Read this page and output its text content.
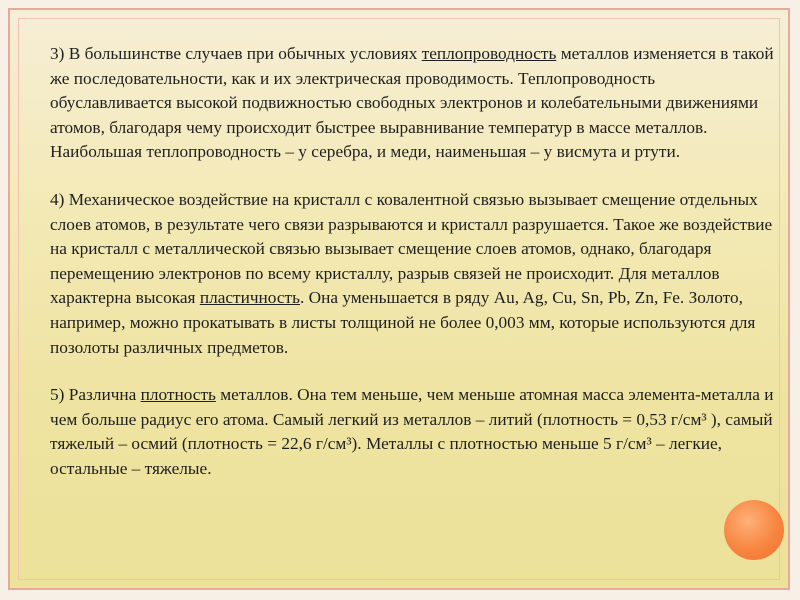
3) В большинстве случаев при обычных условиях теплопроводность металлов изменяется в такой же последовательности, как и их электрическая проводимость. Теплопроводность обуславливается высокой подвижностью свободных электронов и колебательными движениями атомов, благодаря чему происходит быстрее выравнивание температур в массе металлов. Наибольшая теплопроводность – у серебра, и меди, наименьшая – у висмута и ртути.

4) Механическое воздействие на кристалл с ковалентной связью вызывает смещение отдельных слоев атомов, в результате чего связи разрываются и кристалл разрушается. Такое же воздействие на кристалл с металлической связью вызывает смещение слоев атомов, однако, благодаря перемещению электронов по всему кристаллу, разрыв связей не происходит. Для металлов характерна высокая пластичность. Она уменьшается в ряду Au, Ag, Cu, Sn, Pb, Zn, Fe. Золото, например, можно прокатывать в листы толщиной не более 0,003 мм, которые используются для позолоты различных предметов.

5) Различна плотность металлов. Она тем меньше, чем меньше атомная масса элемента-металла и чем больше радиус его атома. Самый легкий из металлов – литий (плотность = 0,53 г/см³ ), самый тяжелый – осмий (плотность = 22,6 г/см³). Металлы с плотностью меньше 5 г/см³ – легкие, остальные – тяжелые.
